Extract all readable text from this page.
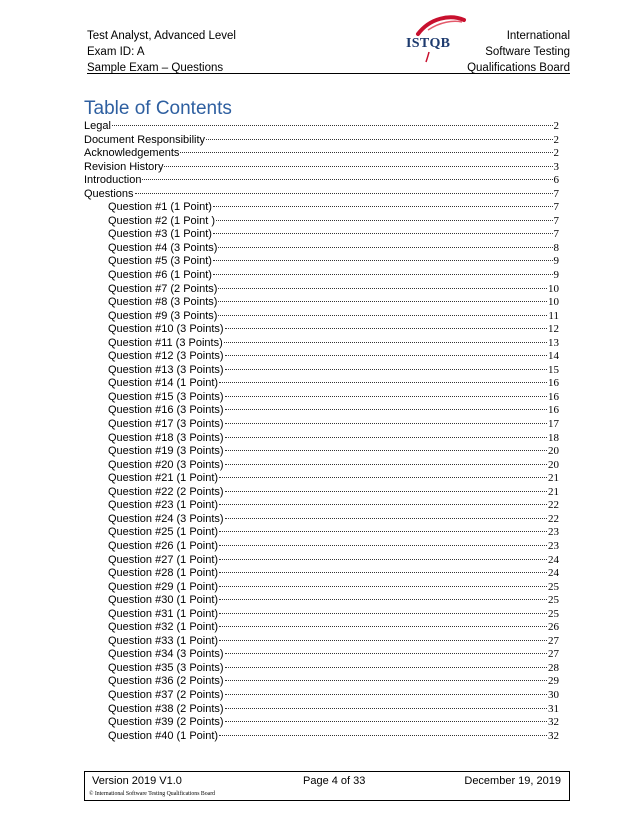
Test Analyst, Advanced Level
Exam ID: A
Sample Exam – Questions
International
Software Testing
Qualifications Board
ISTQB
Table of Contents
Legal	2
Document Responsibility	2
Acknowledgements	2
Revision History	3
Introduction	6
Questions	7
Question #1 (1 Point)	7
Question #2 (1 Point )	7
Question #3 (1 Point)	7
Question #4 (3 Points)	8
Question #5 (3 Point)	9
Question #6 (1 Point)	9
Question #7 (2 Points)	10
Question #8 (3 Points)	10
Question #9 (3 Points)	11
Question #10 (3 Points)	12
Question #11 (3 Points)	13
Question #12 (3 Points)	14
Question #13 (3 Points)	15
Question #14 (1 Point)	16
Question #15 (3 Points)	16
Question #16 (3 Points)	16
Question #17 (3 Points)	17
Question #18 (3 Points)	18
Question #19 (3 Points)	20
Question #20 (3 Points)	20
Question #21 (1 Point)	21
Question #22 (2 Points)	21
Question #23 (1 Point)	22
Question #24 (3 Points)	22
Question #25 (1 Point)	23
Question #26 (1 Point)	23
Question #27 (1 Point)	24
Question #28 (1 Point)	24
Question #29 (1 Point)	25
Question #30 (1 Point)	25
Question #31 (1 Point)	25
Question #32 (1 Point)	26
Question #33 (1 Point)	27
Question #34 (3 Points)	27
Question #35 (3 Points)	28
Question #36 (2 Points)	29
Question #37 (2 Points)	30
Question #38 (2 Points)	31
Question #39 (2 Points)	32
Question #40 (1 Point)	32
Version 2019 V1.0	Page 4 of 33	December 19, 2019
© International Software Testing Qualifications Board
